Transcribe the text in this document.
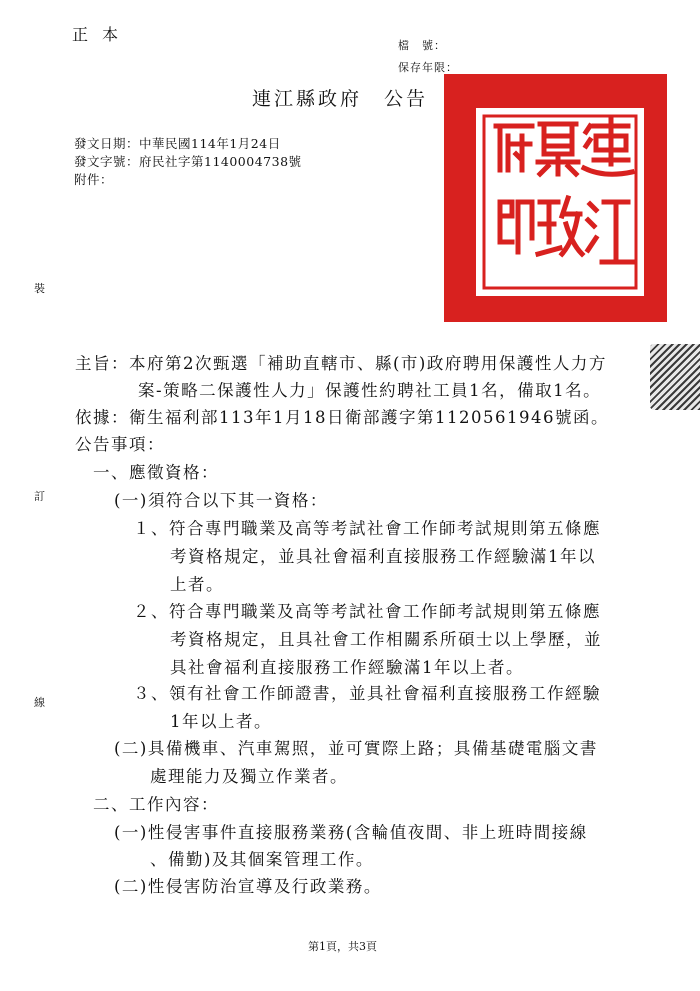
正本
檔　號：
保存年限：
連江縣政府 公告
發文日期：中華民國114年1月24日
發文字號：府民社字第1140004738號
附件：
裝
訂
線
主旨：本府第2次甄選「補助直轄市、縣(市)政府聘用保護性人力方
案-策略二保護性人力」保護性約聘社工員1名，備取1名。
依據：衛生福利部113年1月18日衛部護字第1120561946號函。
公告事項：
一、應徵資格：
(一)須符合以下其一資格：
１、符合專門職業及高等考試社會工作師考試規則第五條應
考資格規定，並具社會福利直接服務工作經驗滿1年以
上者。
２、符合專門職業及高等考試社會工作師考試規則第五條應
考資格規定，且具社會工作相關系所碩士以上學歷，並
具社會福利直接服務工作經驗滿1年以上者。
３、領有社會工作師證書，並具社會福利直接服務工作經驗
1年以上者。
(二)具備機車、汽車駕照，並可實際上路；具備基礎電腦文書
處理能力及獨立作業者。
二、工作內容：
(一)性侵害事件直接服務業務(含輪值夜間、非上班時間接線
、備勤)及其個案管理工作。
(二)性侵害防治宣導及行政業務。
第1頁，共3頁
